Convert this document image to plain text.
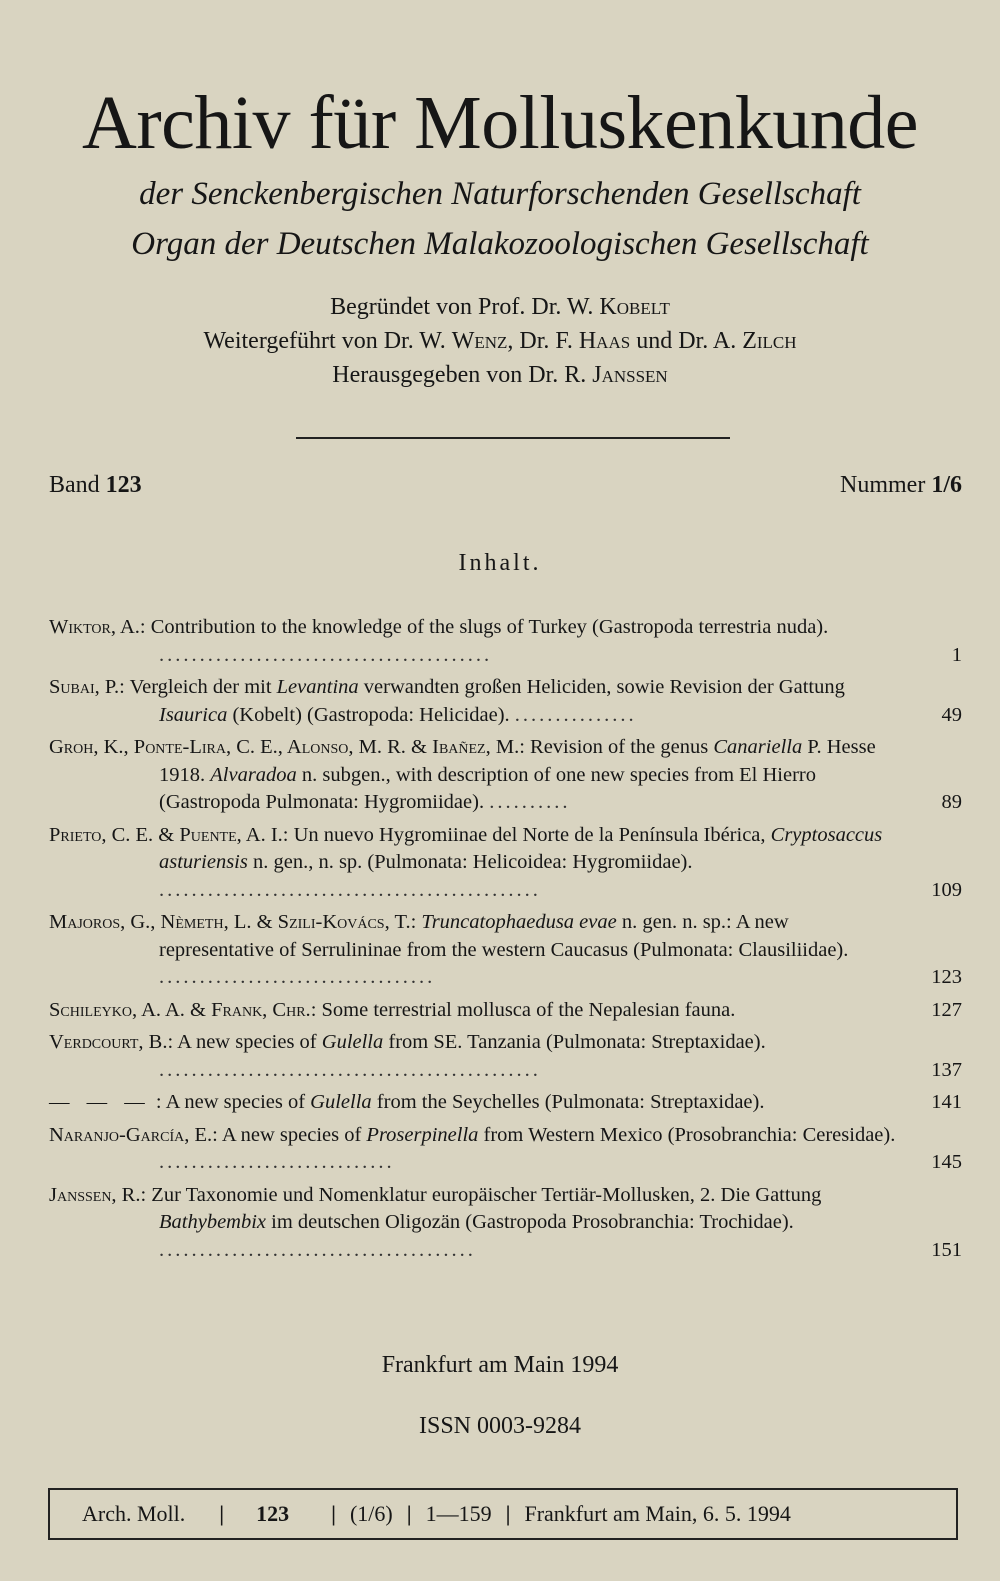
Archiv für Molluskenkunde
der Senckenbergischen Naturforschenden Gesellschaft
Organ der Deutschen Malakozoologischen Gesellschaft
Begründet von Prof. Dr. W. Kobelt
Weitergeführt von Dr. W. Wenz, Dr. F. Haas und Dr. A. Zilch
Herausgegeben von Dr. R. Janssen
Band 123	Nummer 1/6
Inhalt.
Wiktor, A.: Contribution to the knowledge of the slugs of Turkey (Gastropoda terrestria nuda). .........................................	1
Subai, P.: Vergleich der mit Levantina verwandten großen Heliciden, sowie Revision der Gattung Isaurica (Kobelt) (Gastropoda: Helicidae). ...............	49
Groh, K., Ponte-Lira, C. E., Alonso, M. R. & Ibañez, M.: Revision of the genus Canariella P. Hesse 1918. Alvaradoa n. subgen., with description of one new species from El Hierro (Gastropoda Pulmonata: Hygromiidae). ..........	89
Prieto, C. E. & Puente, A. I.: Un nuevo Hygromiinae del Norte de la Península Ibérica, Cryptosaccus asturiensis n. gen., n. sp. (Pulmonata: Helicoidea: Hygromiidae). ...............................................	109
Majoros, G., Nèmeth, L. & Szili-Kovács, T.: Truncatophaedusa evae n. gen. n. sp.: A new representative of Serrulininae from the western Caucasus (Pulmonata: Clausiliidae). ..................................	123
Schileyko, A. A. & Frank, Chr.: Some terrestrial mollusca of the Nepalesian fauna.	127
Verdcourt, B.: A new species of Gulella from SE. Tanzania (Pulmonata: Streptaxidae). ...............................................	137
— — — : A new species of Gulella from the Seychelles (Pulmonata: Streptaxidae).	141
Naranjo-García, E.: A new species of Proserpinella from Western Mexico (Prosobranchia: Ceresidae). .............................	145
Janssen, R.: Zur Taxonomie und Nomenklatur europäischer Tertiär-Mollusken, 2. Die Gattung Bathybembix im deutschen Oligozän (Gastropoda Prosobranchia: Trochidae). .......................................	151
Frankfurt am Main 1994
ISSN 0003-9284
Arch. Moll.	|	123	| (1/6) | 1—159 | Frankfurt am Main, 6. 5. 1994
